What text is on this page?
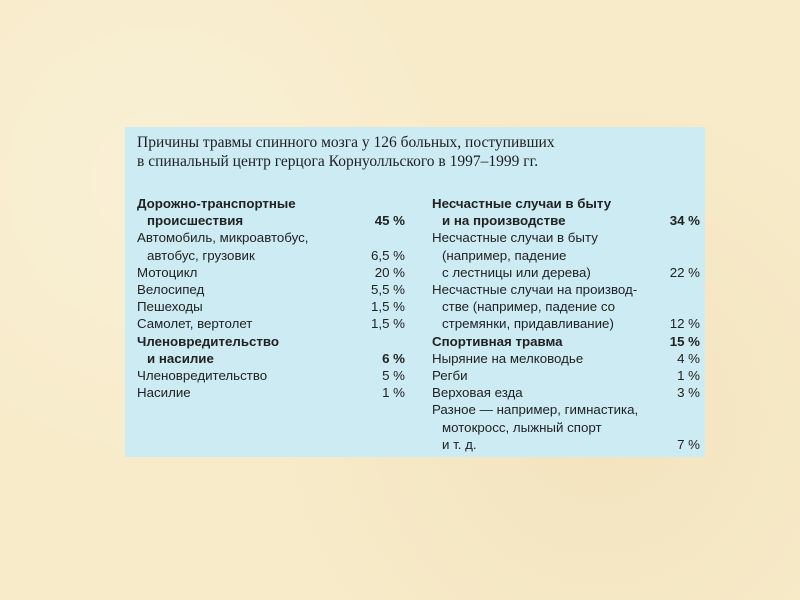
Причины травмы спинного мозга у 126 больных, поступивших
в спинальный центр герцога Корнуолльского в 1997–1999 гг.
Дорожно-транспортные
происшествия	45 %
Автомобиль, микроавтобус,
автобус, грузовик	6,5 %
Мотоцикл	20 %
Велосипед	5,5 %
Пешеходы	1,5 %
Самолет, вертолет	1,5 %
Членовредительство
и насилие	6 %
Членовредительство	5 %
Насилие	1 %
Несчастные случаи в быту
и на производстве	34 %
Несчастные случаи в быту
(например, падение
с лестницы или дерева)	22 %
Несчастные случаи на производ-
стве (например, падение со
стремянки, придавливание)	12 %
Спортивная травма	15 %
Ныряние на мелководье	4 %
Регби	1 %
Верховая езда	3 %
Разное — например, гимнастика,
мотокросс, лыжный спорт
и т. д.	7 %
